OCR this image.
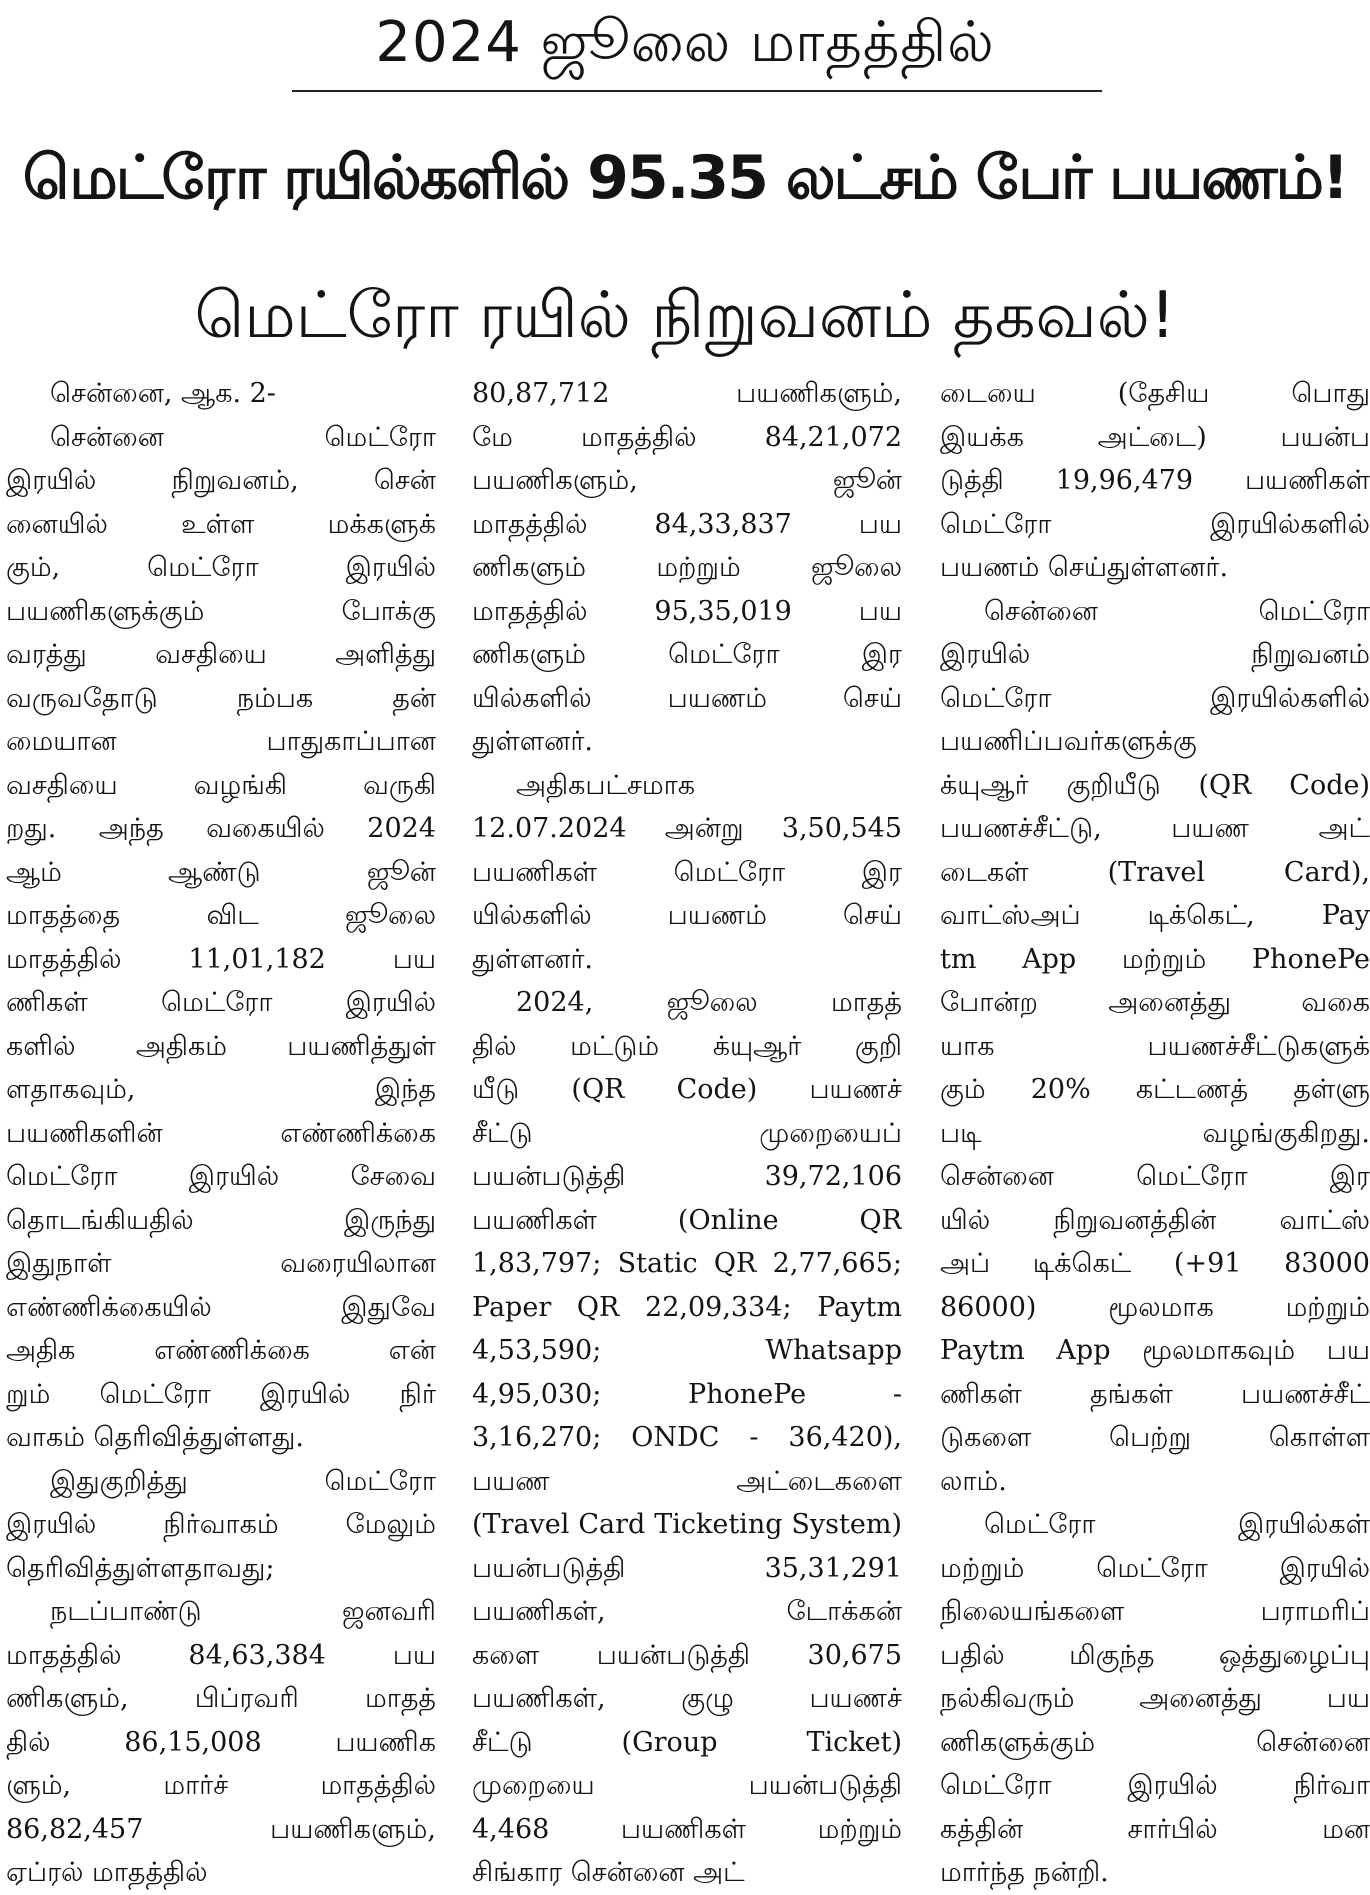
2024 ஜூலை மாதத்தில்
மெட்ரோ ரயில்களில் 95.35 லட்சம் பேர் பயணம்!
மெட்ரோ ரயில் நிறுவனம் தகவல்!
சென்னை, ஆக. 2-
சென்னை மெட்ரோ
இரயில் நிறுவனம், சென்
னையில் உள்ள மக்களுக்
கும், மெட்ரோ இரயில்
பயணிகளுக்கும் போக்கு
வரத்து வசதியை அளித்து
வருவதோடு நம்பக தன்
மையான பாதுகாப்பான
வசதியை வழங்கி வருகி
றது. அந்த வகையில் 2024
ஆம் ஆண்டு ஜூன்
மாதத்தை விட ஜூலை
மாதத்தில் 11,01,182 பய
ணிகள் மெட்ரோ இரயில்
களில் அதிகம் பயணித்துள்
ளதாகவும், இந்த
பயணிகளின் எண்ணிக்கை
மெட்ரோ இரயில் சேவை
தொடங்கியதில் இருந்து
இதுநாள் வரையிலான
எண்ணிக்கையில் இதுவே
அதிக எண்ணிக்கை என்
றும் மெட்ரோ இரயில் நிர்
வாகம் தெரிவித்துள்ளது.
இதுகுறித்து மெட்ரோ
இரயில் நிர்வாகம் மேலும்
தெரிவித்துள்ளதாவது;
நடப்பாண்டு ஜனவரி
மாதத்தில் 84,63,384 பய
ணிகளும், பிப்ரவரி மாதத்
தில் 86,15,008 பயணிக
ளும், மார்ச் மாதத்தில்
86,82,457 பயணிகளும்,
ஏப்ரல் மாதத்தில்
80,87,712 பயணிகளும்,
மே மாதத்தில் 84,21,072
பயணிகளும், ஜூன்
மாதத்தில் 84,33,837 பய
ணிகளும் மற்றும் ஜூலை
மாதத்தில் 95,35,019 பய
ணிகளும் மெட்ரோ இர
யில்களில் பயணம் செய்
துள்ளனர்.
அதிகபட்சமாக
12.07.2024 அன்று 3,50,545
பயணிகள் மெட்ரோ இர
யில்களில் பயணம் செய்
துள்ளனர்.
2024, ஜூலை மாதத்
தில் மட்டும் க்யுஆர் குறி
யீடு (QR Code) பயணச்
சீட்டு முறையைப்
பயன்படுத்தி 39,72,106
பயணிகள் (Online QR
1,83,797; Static QR 2,77,665;
Paper QR 22,09,334; Paytm
4,53,590; Whatsapp
4,95,030; PhonePe -
3,16,270; ONDC - 36,420),
பயண அட்டைகளை
(Travel Card Ticketing System)
பயன்படுத்தி 35,31,291
பயணிகள், டோக்கன்
களை பயன்படுத்தி 30,675
பயணிகள், குழு பயணச்
சீட்டு (Group Ticket)
முறையை பயன்படுத்தி
4,468 பயணிகள் மற்றும்
சிங்கார சென்னை அட்
டையை (தேசிய பொது
இயக்க அட்டை) பயன்ப
டுத்தி 19,96,479 பயணிகள்
மெட்ரோ இரயில்களில்
பயணம் செய்துள்ளனர்.
சென்னை மெட்ரோ
இரயில் நிறுவனம்
மெட்ரோ இரயில்களில்
பயணிப்பவர்களுக்கு
க்யுஆர் குறியீடு (QR Code)
பயணச்சீட்டு, பயண அட்
டைகள் (Travel Card),
வாட்ஸ்அப் டிக்கெட், Pay
tm App மற்றும் PhonePe
போன்ற அனைத்து வகை
யாக பயணச்சீட்டுகளுக்
கும் 20% கட்டணத் தள்ளு
படி வழங்குகிறது.
சென்னை மெட்ரோ இர
யில் நிறுவனத்தின் வாட்ஸ்
அப் டிக்கெட் (+91 83000
86000) மூலமாக மற்றும்
Paytm App மூலமாகவும் பய
ணிகள் தங்கள் பயணச்சீட்
டுகளை பெற்று கொள்ள
லாம்.
மெட்ரோ இரயில்கள்
மற்றும் மெட்ரோ இரயில்
நிலையங்களை பராமரிப்
பதில் மிகுந்த ஒத்துழைப்பு
நல்கிவரும் அனைத்து பய
ணிகளுக்கும் சென்னை
மெட்ரோ இரயில் நிர்வா
கத்தின் சார்பில் மன
மார்ந்த நன்றி.
